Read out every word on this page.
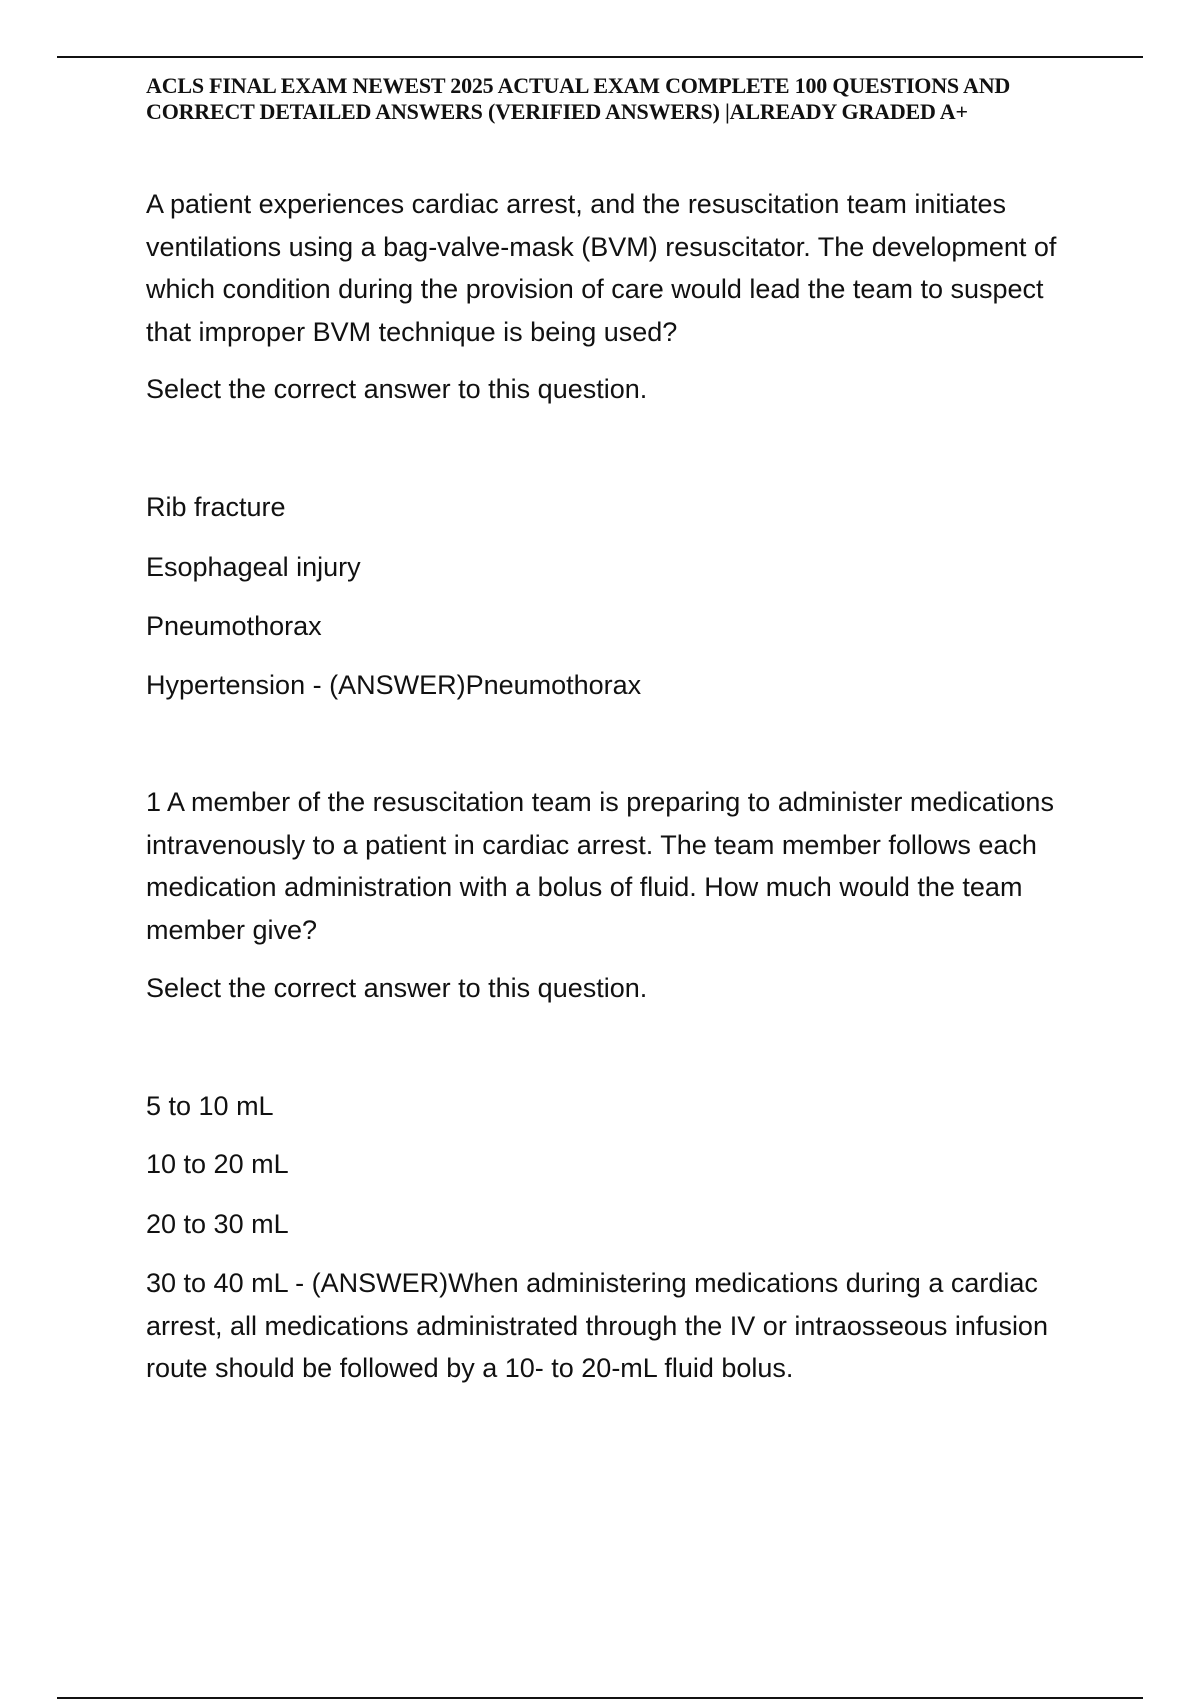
ACLS FINAL EXAM NEWEST 2025 ACTUAL EXAM COMPLETE 100 QUESTIONS AND CORRECT DETAILED ANSWERS (VERIFIED ANSWERS) |ALREADY GRADED A+

A patient experiences cardiac arrest, and the resuscitation team initiates ventilations using a bag-valve-mask (BVM) resuscitator. The development of which condition during the provision of care would lead the team to suspect that improper BVM technique is being used?

Select the correct answer to this question.

Rib fracture

Esophageal injury

Pneumothorax

Hypertension - (ANSWER)Pneumothorax

1 A member of the resuscitation team is preparing to administer medications intravenously to a patient in cardiac arrest. The team member follows each medication administration with a bolus of fluid. How much would the team member give?

Select the correct answer to this question.

5 to 10 mL

10 to 20 mL

20 to 30 mL

30 to 40 mL - (ANSWER)When administering medications during a cardiac arrest, all medications administrated through the IV or intraosseous infusion route should be followed by a 10- to 20-mL fluid bolus.
